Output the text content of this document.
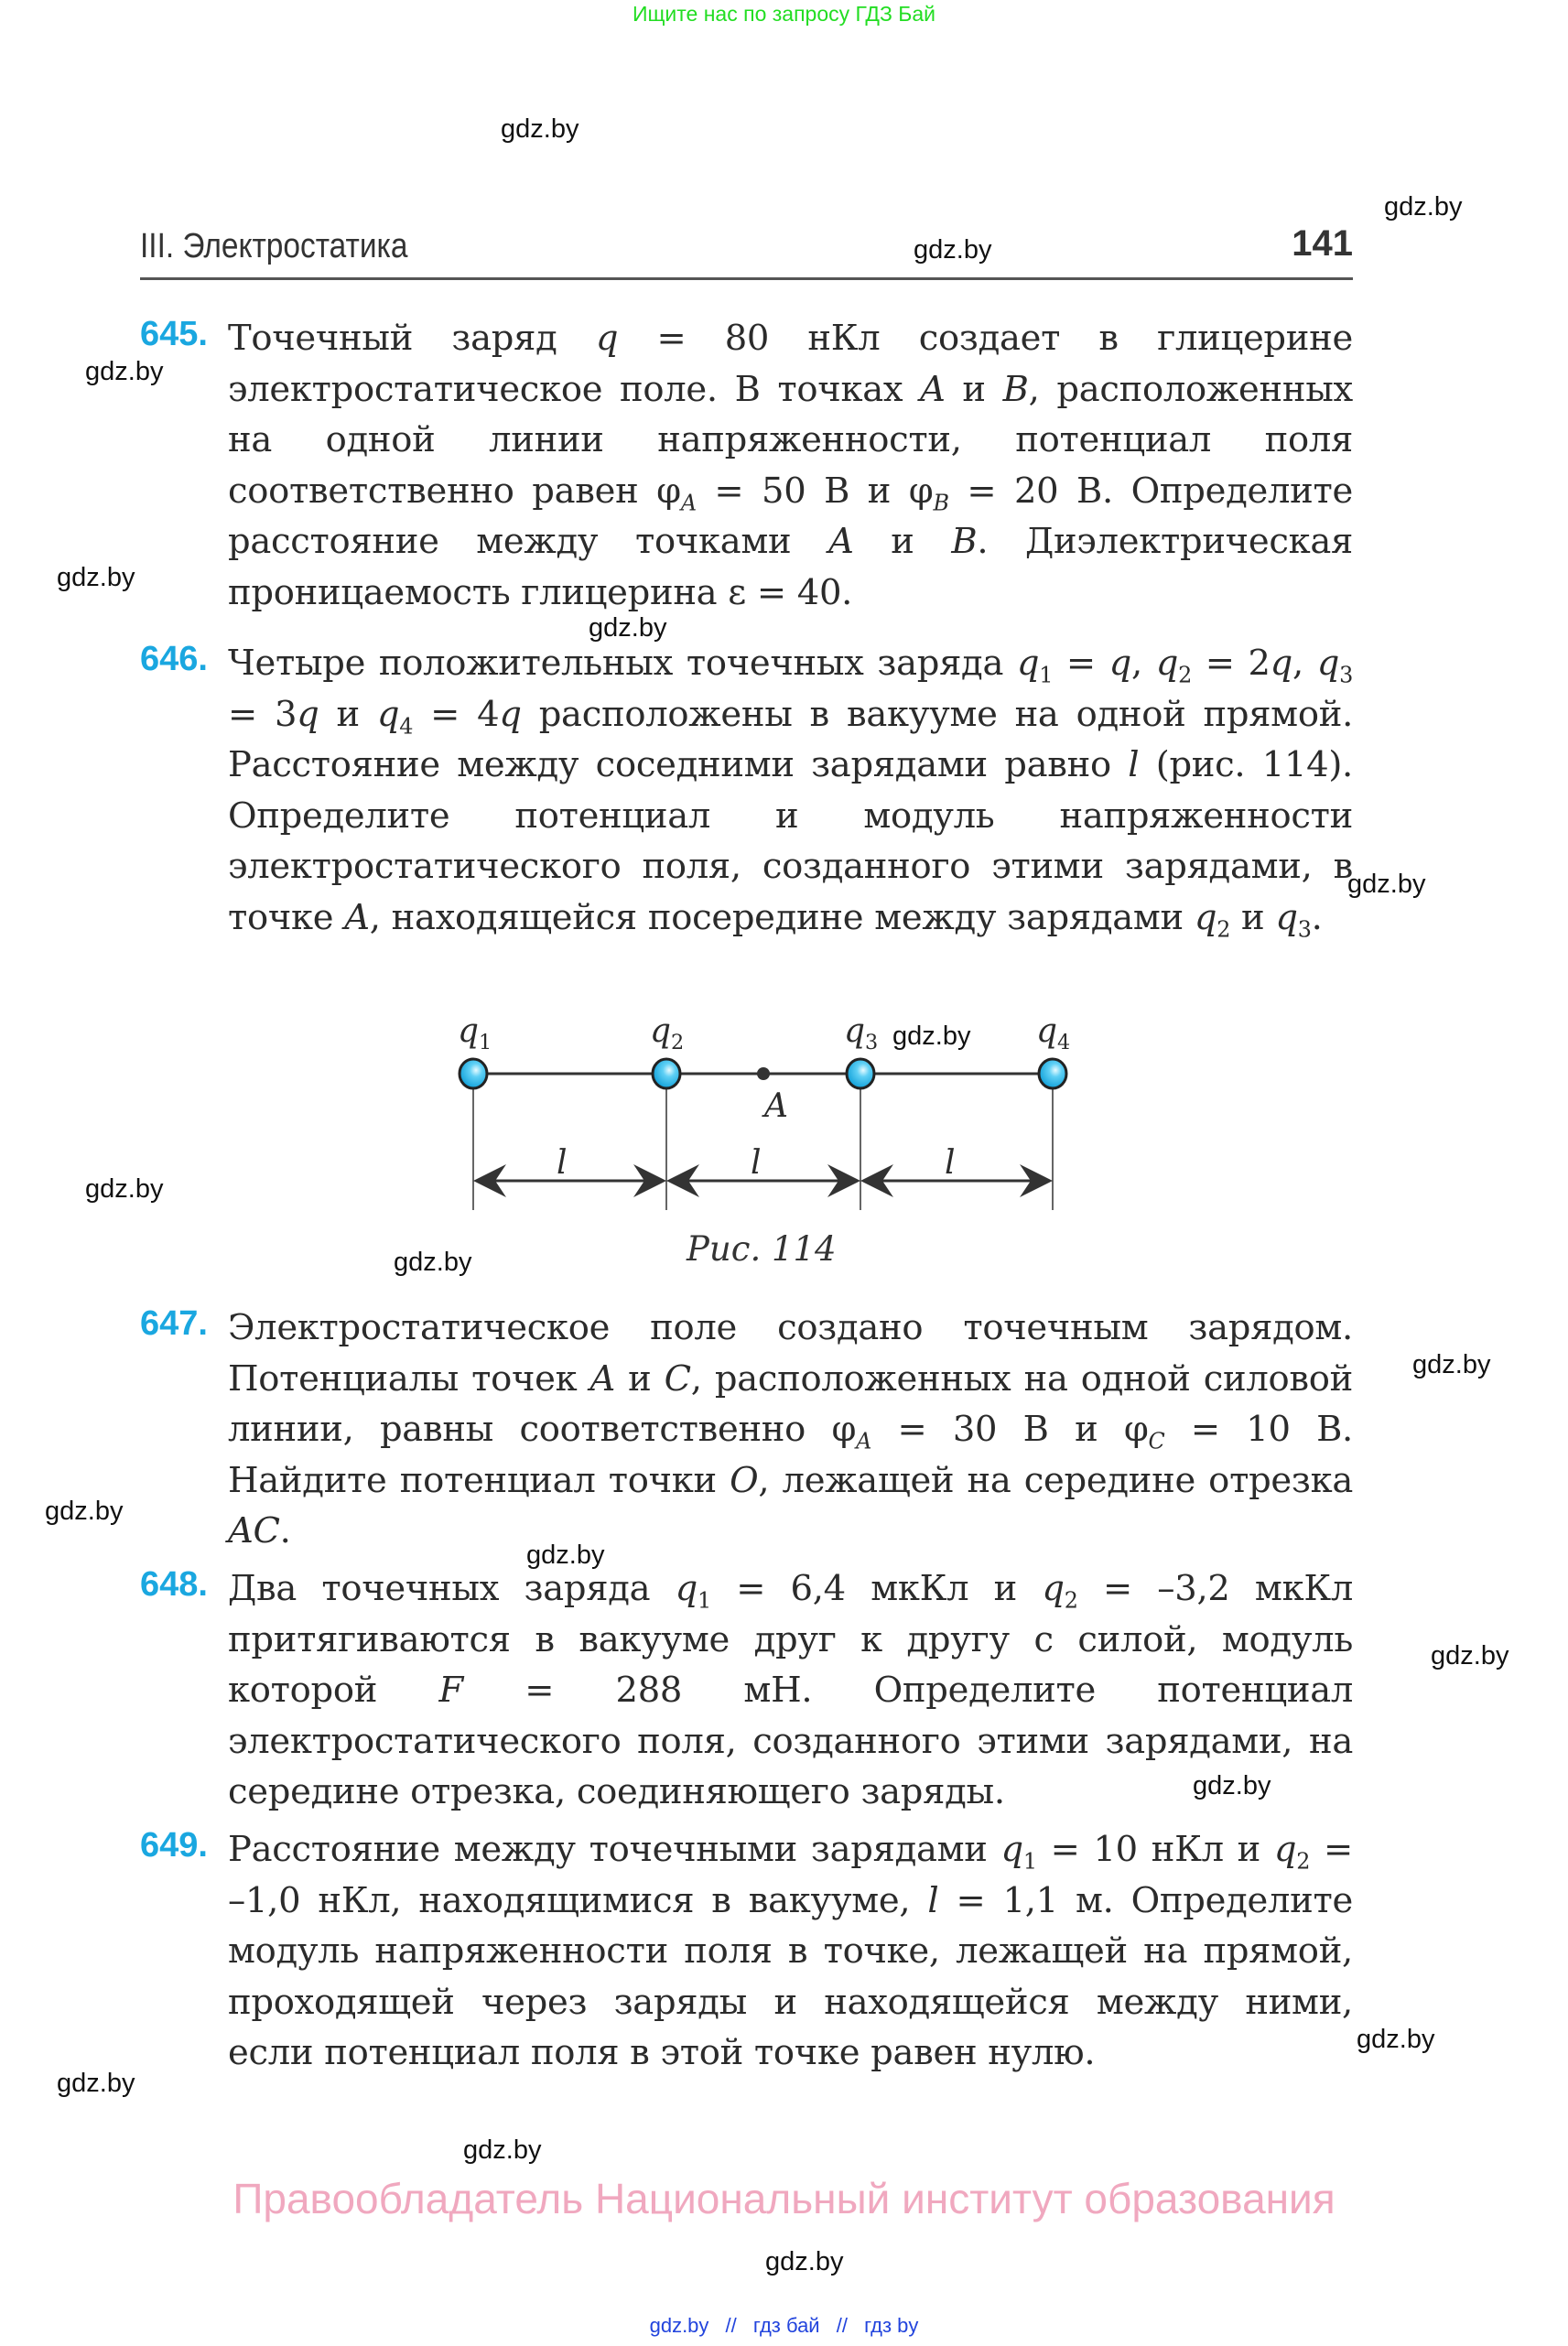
Ищите нас по запросу ГДЗ Бай
gdz.by
gdz.by
gdz.by
gdz.by
gdz.by
gdz.by
gdz.by
gdz.by
gdz.by
gdz.by
gdz.by
gdz.by
gdz.by
gdz.by
gdz.by
gdz.by
gdz.by
III. Электростатика	gdz.by	141
645. Точечный заряд q = 80 нКл создает в глицерине электростатическое поле. В точках A и B, расположенных на одной линии напряженности, потенциал поля соответственно равен $\varphi_A = 50$ В и $\varphi_B = 20$ В. Определите расстояние между точками A и B. Диэлектрическая проницаемость глицерина ε = 40.
646. Четыре положительных точечных заряда $q_1 = q$, $q_2 = 2q$, $q_3 = 3q$ и $q_4 = 4q$ расположены в вакууме на одной прямой. Расстояние между соседними зарядами равно l (рис. 114). Определите потенциал и модуль напряженности электростатического поля, созданного этими зарядами, в точке A, находящейся посередине между зарядами $q_2$ и $q_3$.
$q_1$	$q_2$	$q_3$ gdz.by $q_4$
A
l	l	l
Рис. 114
647. Электростатическое поле создано точечным зарядом. Потенциалы точек A и C, расположенных на одной силовой линии, равны соответственно $\varphi_A = 30$ В и $\varphi_C = 10$ В. Найдите потенциал точки O, лежащей на середине отрезка AC.
648. Два точечных заряда $q_1 = 6,4$ мкКл и $q_2 = -3,2$ мкКл притягиваются в вакууме друг к другу с силой, модуль которой F = 288 мН. Определите потенциал электростатического поля, созданного этими зарядами, на середине отрезка, соединяющего заряды.
649. Расстояние между точечными зарядами $q_1 = 10$ нКл и $q_2 = -1,0$ нКл, находящимися в вакууме, l = 1,1 м. Определите модуль напряженности поля в точке, лежащей на прямой, проходящей через заряды и находящейся между ними, если потенциал поля в этой точке равен нулю.
Правообладатель Национальный институт образования
gdz.by // гдз бай // гдз by
